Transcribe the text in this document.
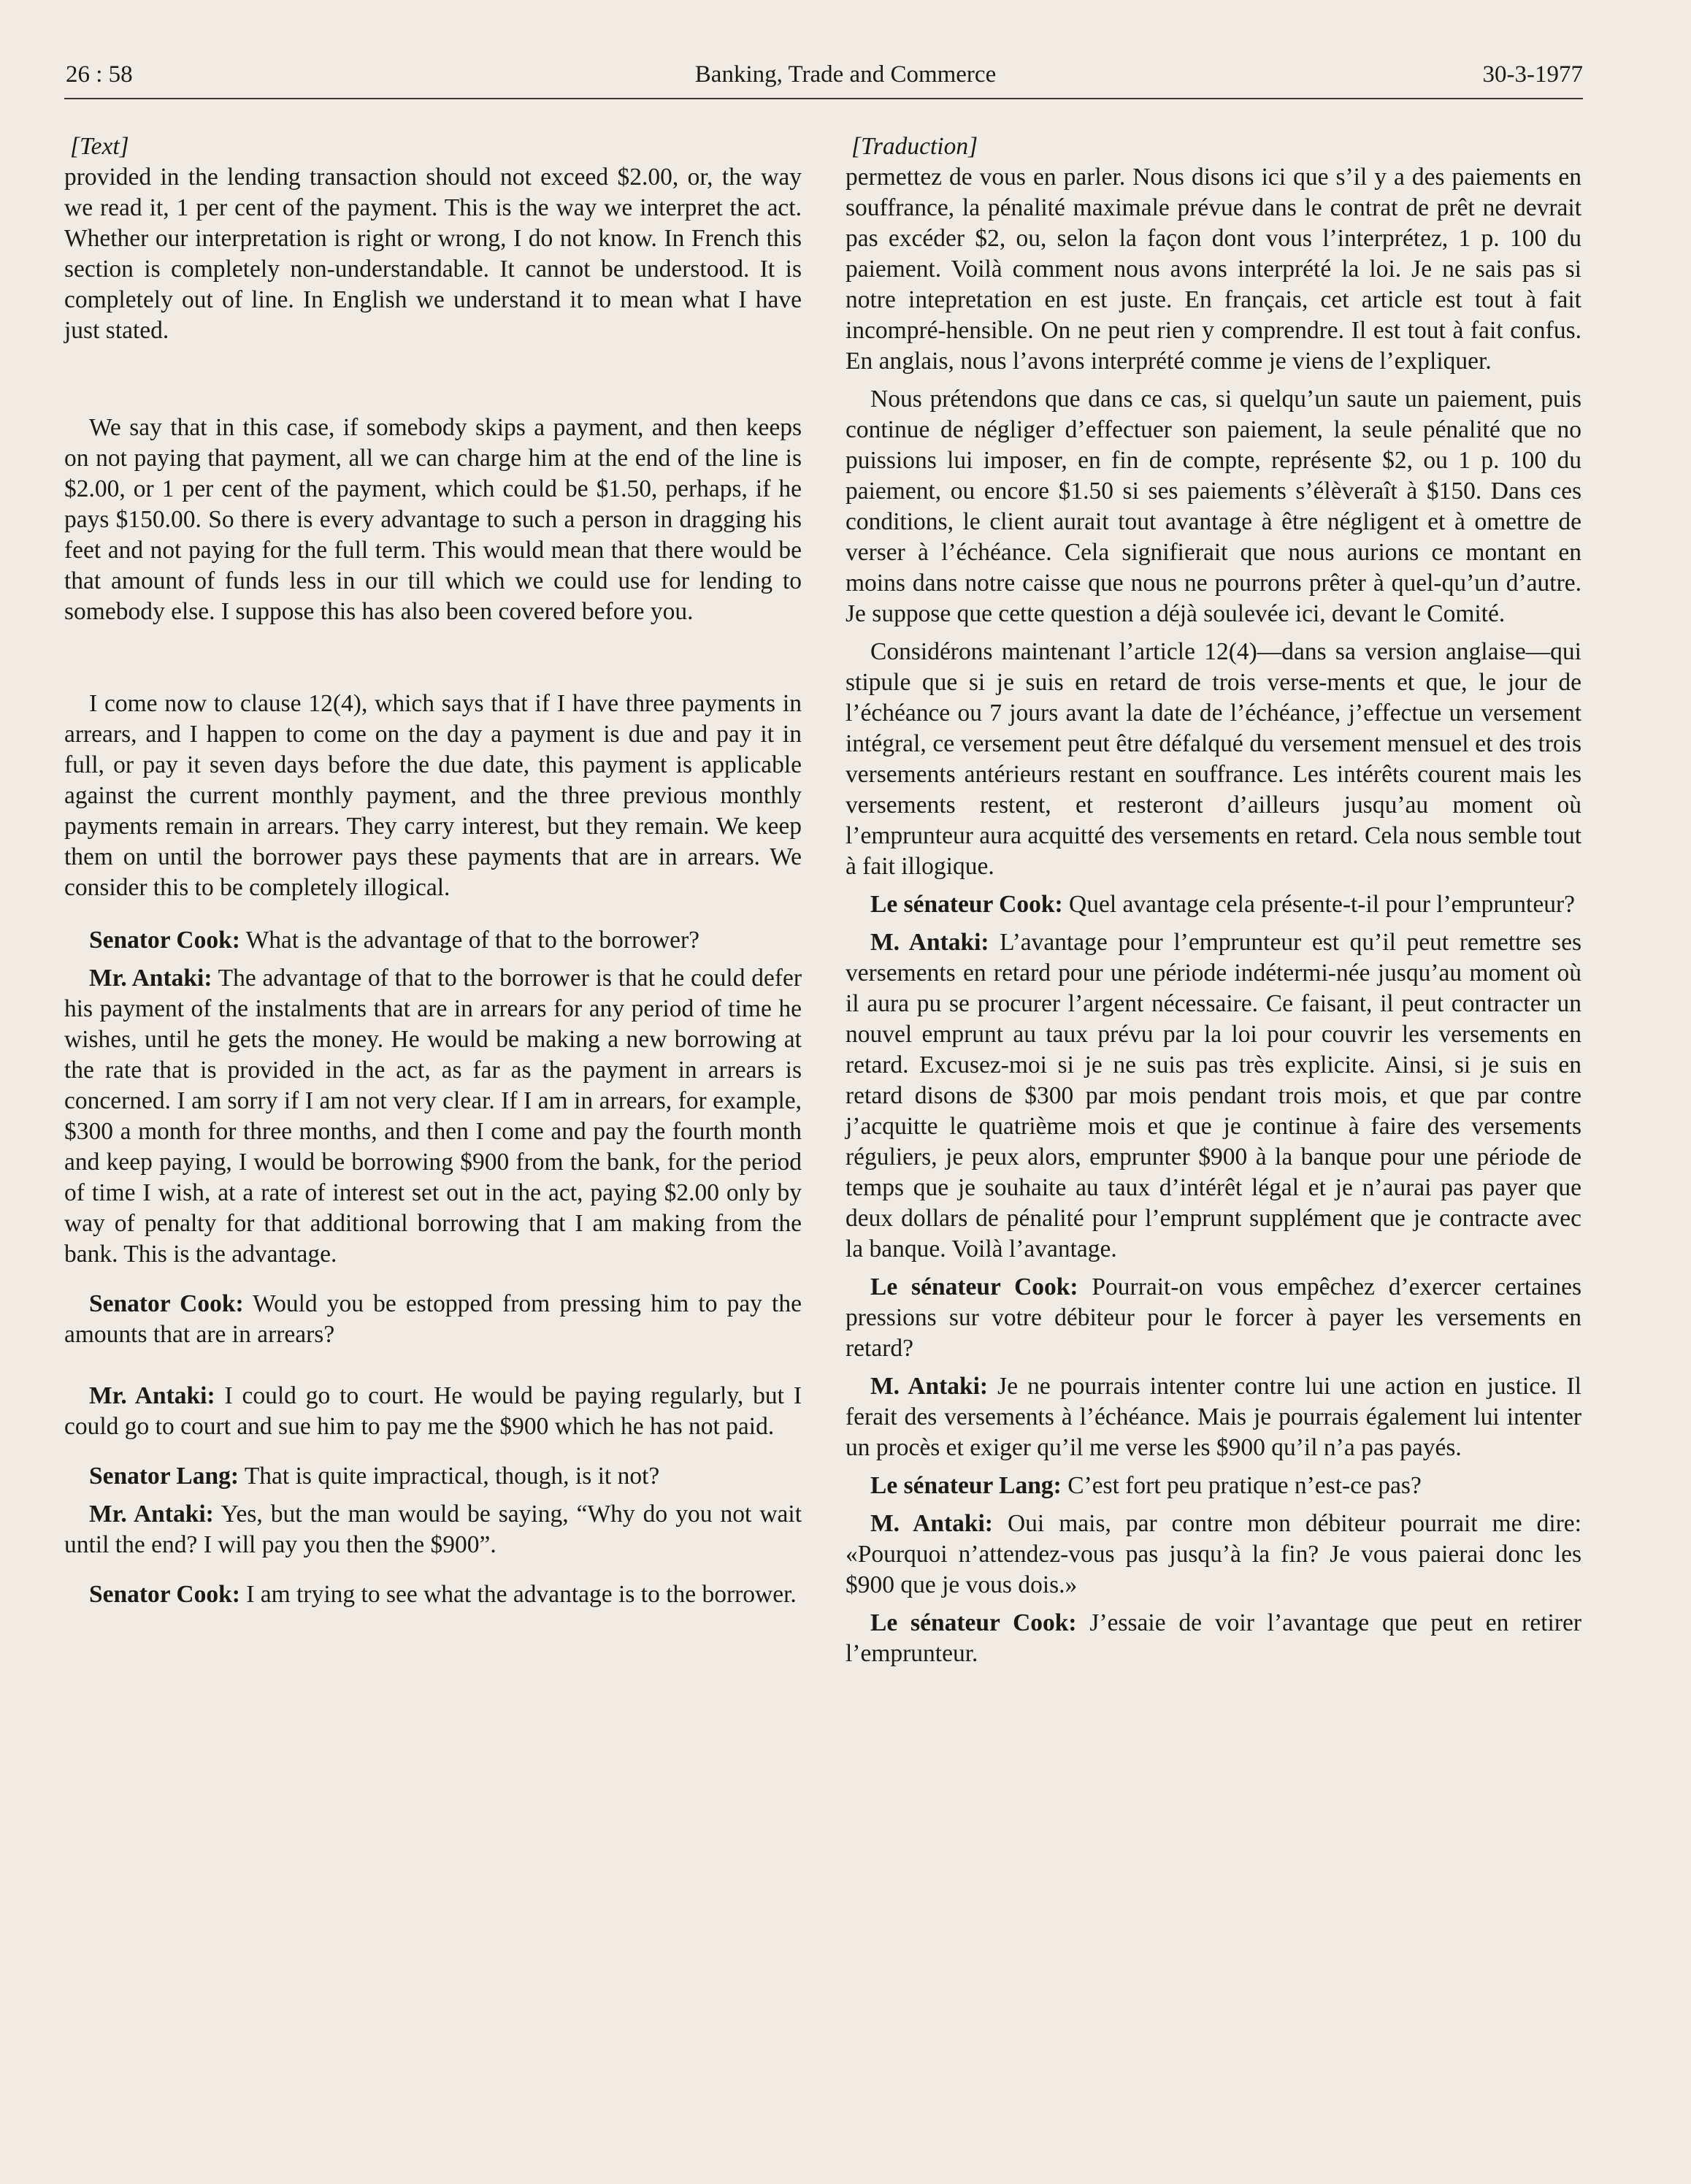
26 : 58	Banking, Trade and Commerce	30-3-1977
[Text]

provided in the lending transaction should not exceed $2.00, or, the way we read it, 1 per cent of the payment. This is the way we interpret the act. Whether our interpretation is right or wrong, I do not know. In French this section is completely non-understandable. It cannot be understood. It is completely out of line. In English we understand it to mean what I have just stated.

We say that in this case, if somebody skips a payment, and then keeps on not paying that payment, all we can charge him at the end of the line is $2.00, or 1 per cent of the payment, which could be $1.50, perhaps, if he pays $150.00. So there is every advantage to such a person in dragging his feet and not paying for the full term. This would mean that there would be that amount of funds less in our till which we could use for lending to somebody else. I suppose this has also been covered before you.

I come now to clause 12(4), which says that if I have three payments in arrears, and I happen to come on the day a payment is due and pay it in full, or pay it seven days before the due date, this payment is applicable against the current monthly payment, and the three previous monthly payments remain in arrears. They carry interest, but they remain. We keep them on until the borrower pays these payments that are in arrears. We consider this to be completely illogical.

Senator Cook: What is the advantage of that to the borrower?

Mr. Antaki: The advantage of that to the borrower is that he could defer his payment of the instalments that are in arrears for any period of time he wishes, until he gets the money. He would be making a new borrowing at the rate that is provided in the act, as far as the payment in arrears is concerned. I am sorry if I am not very clear. If I am in arrears, for example, $300 a month for three months, and then I come and pay the fourth month and keep paying, I would be borrowing $900 from the bank, for the period of time I wish, at a rate of interest set out in the act, paying $2.00 only by way of penalty for that additional borrowing that I am making from the bank. This is the advantage.

Senator Cook: Would you be estopped from pressing him to pay the amounts that are in arrears?

Mr. Antaki: I could go to court. He would be paying regularly, but I could go to court and sue him to pay me the $900 which he has not paid.

Senator Lang: That is quite impractical, though, is it not?

Mr. Antaki: Yes, but the man would be saying, “Why do you not wait until the end? I will pay you then the $900”.

Senator Cook: I am trying to see what the advantage is to the borrower.

[Traduction]

permettez de vous en parler. Nous disons ici que s’il y a des paiements en souffrance, la pénalité maximale prévue dans le contrat de prêt ne devrait pas excéder $2, ou, selon la façon dont vous l’interprétez, 1 p. 100 du paiement. Voilà comment nous avons interprété la loi. Je ne sais pas si notre intepretation en est juste. En français, cet article est tout à fait incompré-hensible. On ne peut rien y comprendre. Il est tout à fait confus. En anglais, nous l’avons interprété comme je viens de l’expliquer.

Nous prétendons que dans ce cas, si quelqu’un saute un paiement, puis continue de négliger d’effectuer son paiement, la seule pénalité que no puissions lui imposer, en fin de compte, représente $2, ou 1 p. 100 du paiement, ou encore $1.50 si ses paiements s’élèveraît à $150. Dans ces conditions, le client aurait tout avantage à être négligent et à omettre de verser à l’échéance. Cela signifierait que nous aurions ce montant en moins dans notre caisse que nous ne pourrons prêter à quel-qu’un d’autre. Je suppose que cette question a déjà soulevée ici, devant le Comité.

Considérons maintenant l’article 12(4)—dans sa version anglaise—qui stipule que si je suis en retard de trois verse-ments et que, le jour de l’échéance ou 7 jours avant la date de l’échéance, j’effectue un versement intégral, ce versement peut être défalqué du versement mensuel et des trois versements antérieurs restant en souffrance. Les intérêts courent mais les versements restent, et resteront d’ailleurs jusqu’au moment où l’emprunteur aura acquitté des versements en retard. Cela nous semble tout à fait illogique.

Le sénateur Cook: Quel avantage cela présente-t-il pour l’emprunteur?

M. Antaki: L’avantage pour l’emprunteur est qu’il peut remettre ses versements en retard pour une période indétermi-née jusqu’au moment où il aura pu se procurer l’argent nécessaire. Ce faisant, il peut contracter un nouvel emprunt au taux prévu par la loi pour couvrir les versements en retard. Excusez-moi si je ne suis pas très explicite. Ainsi, si je suis en retard disons de $300 par mois pendant trois mois, et que par contre j’acquitte le quatrième mois et que je continue à faire des versements réguliers, je peux alors, emprunter $900 à la banque pour une période de temps que je souhaite au taux d’intérêt légal et je n’aurai pas payer que deux dollars de pénalité pour l’emprunt supplément que je contracte avec la banque. Voilà l’avantage.

Le sénateur Cook: Pourrait-on vous empêchez d’exercer certaines pressions sur votre débiteur pour le forcer à payer les versements en retard?

M. Antaki: Je ne pourrais intenter contre lui une action en justice. Il ferait des versements à l’échéance. Mais je pourrais également lui intenter un procès et exiger qu’il me verse les $900 qu’il n’a pas payés.

Le sénateur Lang: C’est fort peu pratique n’est-ce pas?

M. Antaki: Oui mais, par contre mon débiteur pourrait me dire: «Pourquoi n’attendez-vous pas jusqu’à la fin? Je vous paierai donc les $900 que je vous dois.»

Le sénateur Cook: J’essaie de voir l’avantage que peut en retirer l’emprunteur.
